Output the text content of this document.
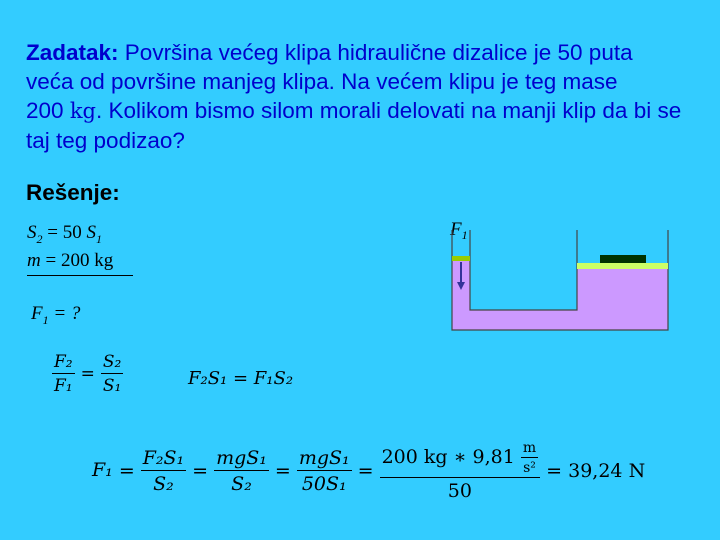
Zadatak: Površina većeg klipa hidraulične dizalice je 50 puta
veća od površine manjeg klipa. Na većem klipu je teg mase
200 kg. Kolikom bismo silom morali delovati na manji klip da bi se
taj teg podizao?
Rešenje:
$S_2 = 50$ $S_1$
m = 200 kg
$F_1$ = ?
$F_1$
$\frac{\text{F₂}}{\text{F₁}} = \frac{\text{S₂}}{\text{S₁}}$	F₂S₁ = F₁S₂
$F_1 = \frac{\text{F₂S₁}}{\text{S₂}} = \frac{\text{mgS₁}}{\text{S₂}} = \frac{\text{mgS₁}}{\text{50S₁}} = \frac{200 kg ∗ 9,81 \frac{m}{\text{s²}}}{50} = 39,24$ N
